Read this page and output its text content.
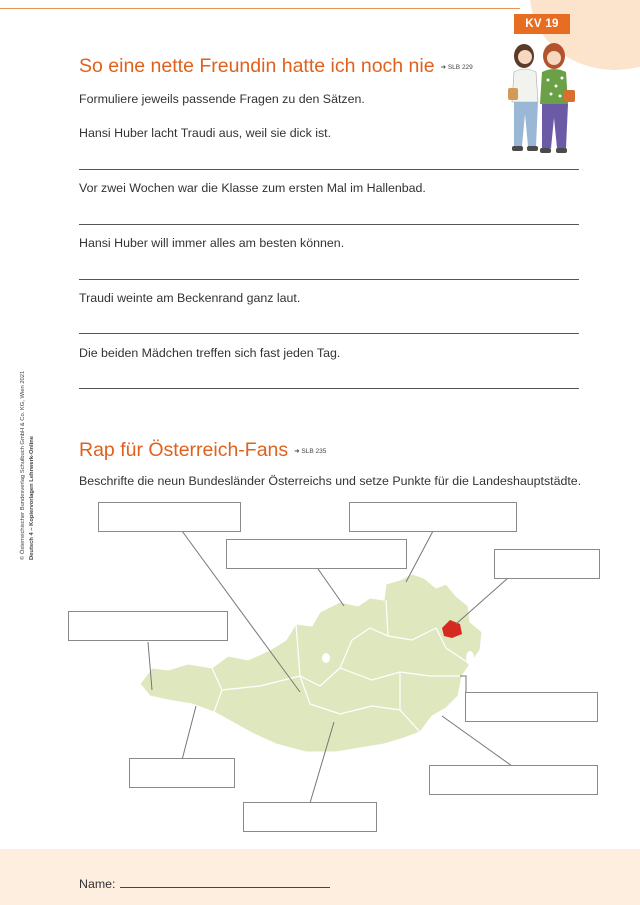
KV 19
© Österreichischer Bundesverlag Schulbuch GmbH & Co. KG, Wien 2021 Deutsch 4 – Kopiervorlagen Lehrwerk-Online
So eine nette Freundin hatte ich noch nie ➜ SLB 229
Formuliere jeweils passende Fragen zu den Sätzen.
Hansi Huber lacht Traudi aus, weil sie dick ist.
Vor zwei Wochen war die Klasse zum ersten Mal im Hallenbad.
Hansi Huber will immer alles am besten können.
Traudi weinte am Beckenrand ganz laut.
Die beiden Mädchen treffen sich fast jeden Tag.
Rap für Österreich-Fans ➜ SLB 235
Beschrifte die neun Bundesländer Österreichs und setze Punkte für die Landeshauptstädte.
Name:
